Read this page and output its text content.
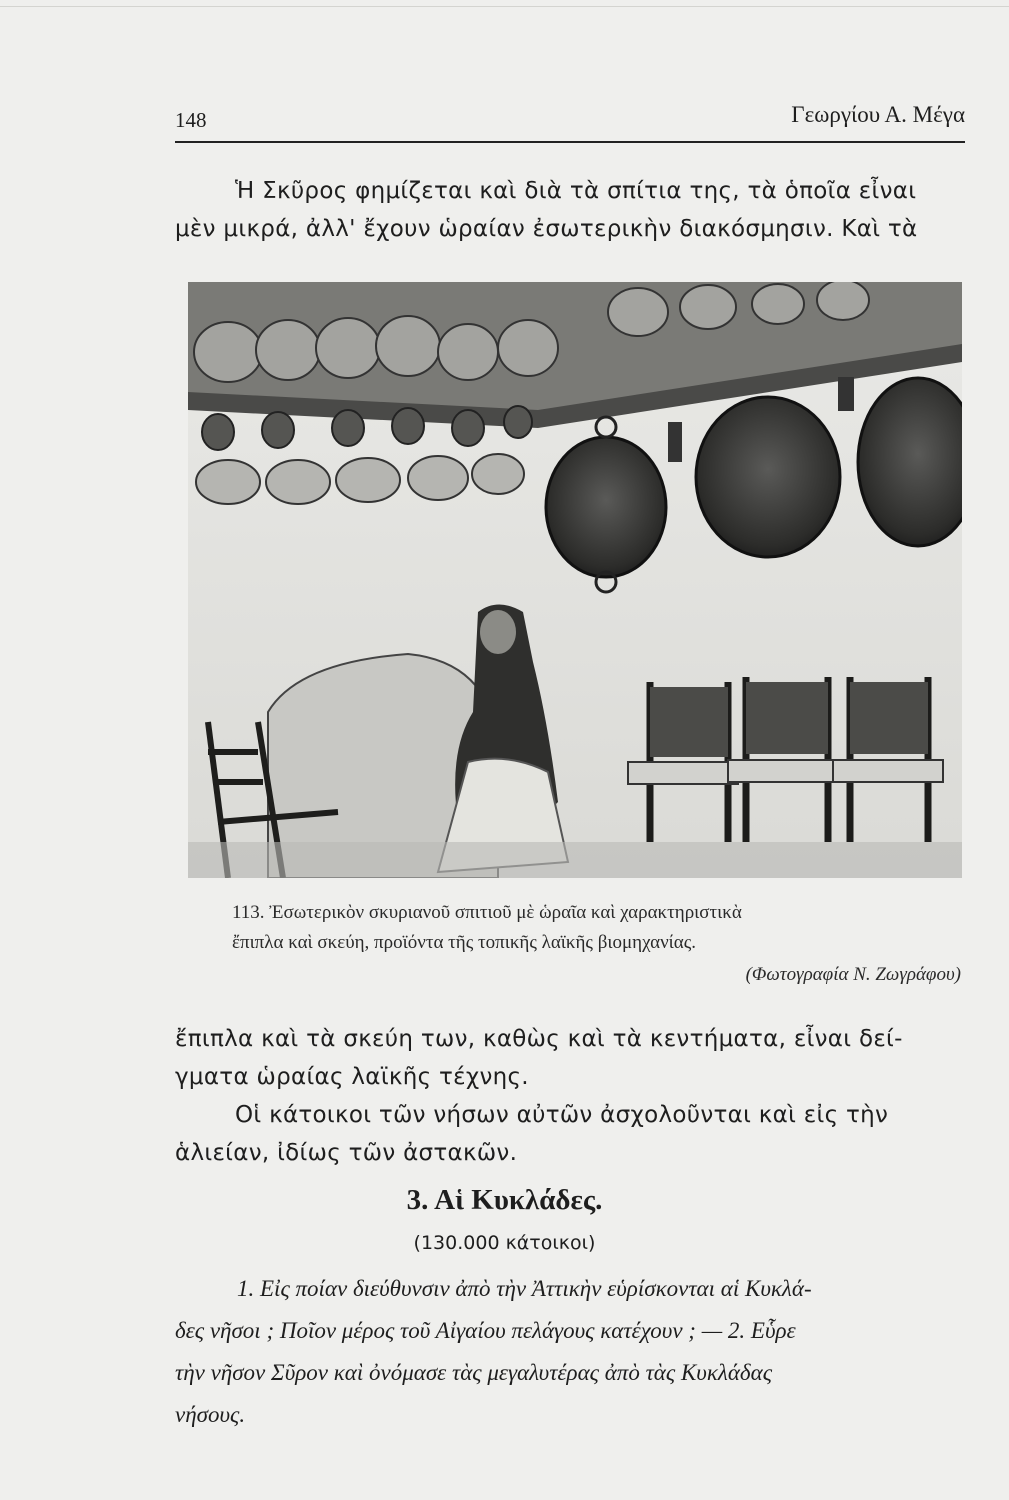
148	Γεωργίου Α. Μέγα
Ἡ Σκῦρος φημίζεται καὶ διὰ τὰ σπίτια της, τὰ ὁποῖα εἶναι
μὲν μικρά, ἀλλ' ἔχουν ὡραίαν ἐσωτερικὴν διακόσμησιν. Καὶ τὰ
113. Ἐσωτερικὸν σκυριανοῦ σπιτιοῦ μὲ ὡραῖα καὶ χαρακτηριστικὰ
ἔπιπλα καὶ σκεύη, προϊόντα τῆς τοπικῆς λαϊκῆς βιομηχανίας.
(Φωτογραφία Ν. Ζωγράφου)
ἔπιπλα καὶ τὰ σκεύη των, καθὼς καὶ τὰ κεντήματα, εἶναι δεί-
γματα ὡραίας λαϊκῆς τέχνης.
Οἱ κάτοικοι τῶν νήσων αὐτῶν ἀσχολοῦνται καὶ εἰς τὴν
ἁλιείαν, ἰδίως τῶν ἀστακῶν.
3. Αἱ Κυκλάδες.
(130.000 κάτοικοι)
1. Εἰς ποίαν διεύθυνσιν ἀπὸ τὴν Ἀττικὴν εὑρίσκονται αἱ Κυκλά-
δες νῆσοι ; Ποῖον μέρος τοῦ Αἰγαίου πελάγους κατέχουν ; — 2. Εὗρε
τὴν νῆσον Σῦρον καὶ ὀνόμασε τὰς μεγαλυτέρας ἀπὸ τὰς Κυκλάδας
νήσους.
